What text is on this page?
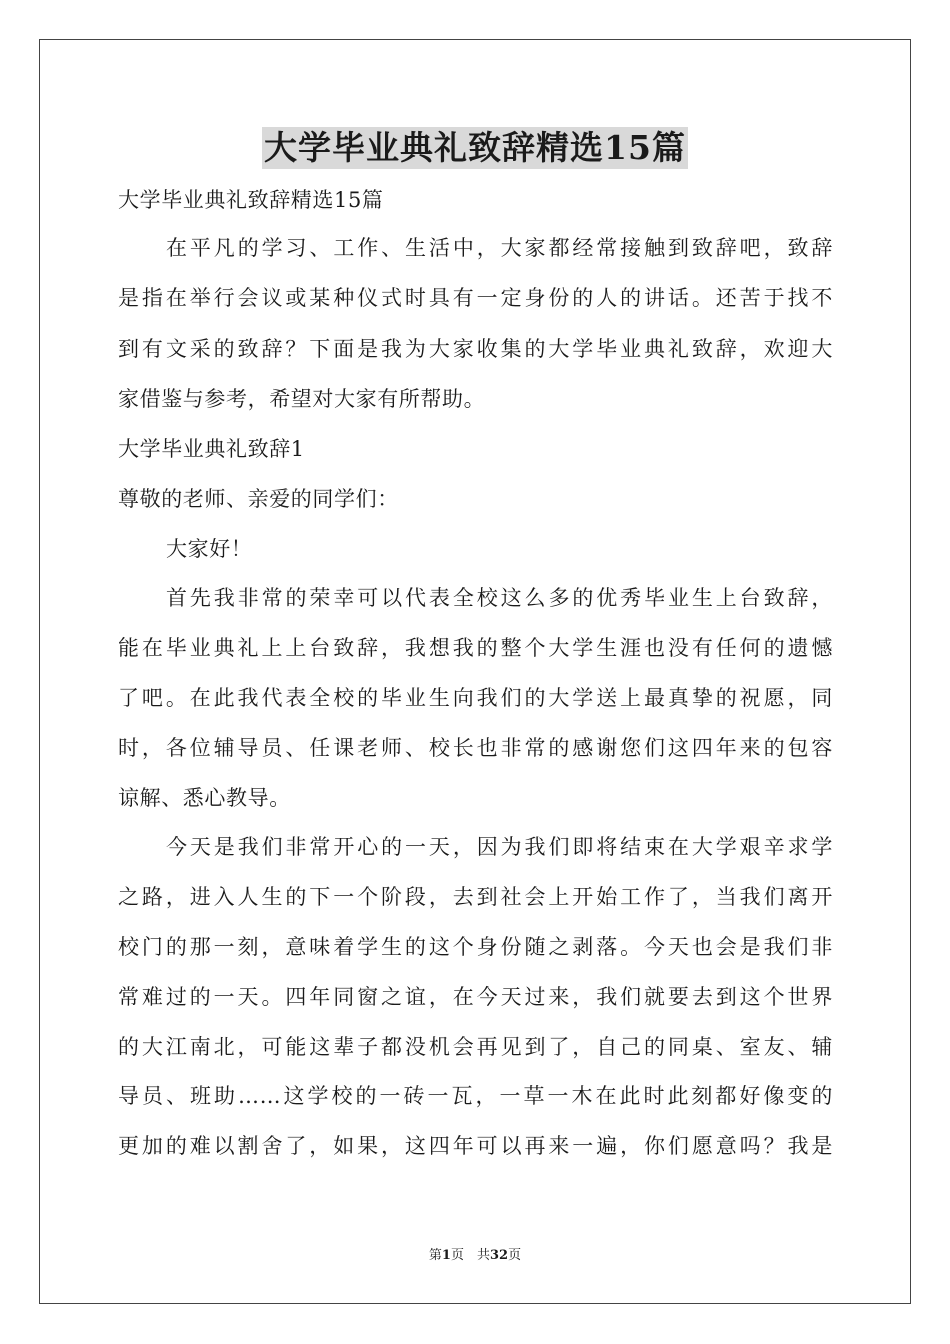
大学毕业典礼致辞精选15篇
大学毕业典礼致辞精选15篇
在平凡的学习、工作、生活中，大家都经常接触到致辞吧，致辞
是指在举行会议或某种仪式时具有一定身份的人的讲话。还苦于找不
到有文采的致辞？下面是我为大家收集的大学毕业典礼致辞，欢迎大
家借鉴与参考，希望对大家有所帮助。
大学毕业典礼致辞1
尊敬的老师、亲爱的同学们：
大家好！
首先我非常的荣幸可以代表全校这么多的优秀毕业生上台致辞，
能在毕业典礼上上台致辞，我想我的整个大学生涯也没有任何的遗憾
了吧。在此我代表全校的毕业生向我们的大学送上最真挚的祝愿，同
时，各位辅导员、任课老师、校长也非常的感谢您们这四年来的包容
谅解、悉心教导。
今天是我们非常开心的一天，因为我们即将结束在大学艰辛求学
之路，进入人生的下一个阶段，去到社会上开始工作了，当我们离开
校门的那一刻，意味着学生的这个身份随之剥落。今天也会是我们非
常难过的一天。四年同窗之谊，在今天过来，我们就要去到这个世界
的大江南北，可能这辈子都没机会再见到了，自己的同桌、室友、辅
导员、班助……这学校的一砖一瓦，一草一木在此时此刻都好像变的
更加的难以割舍了，如果，这四年可以再来一遍，你们愿意吗？我是
第1页　共32页
